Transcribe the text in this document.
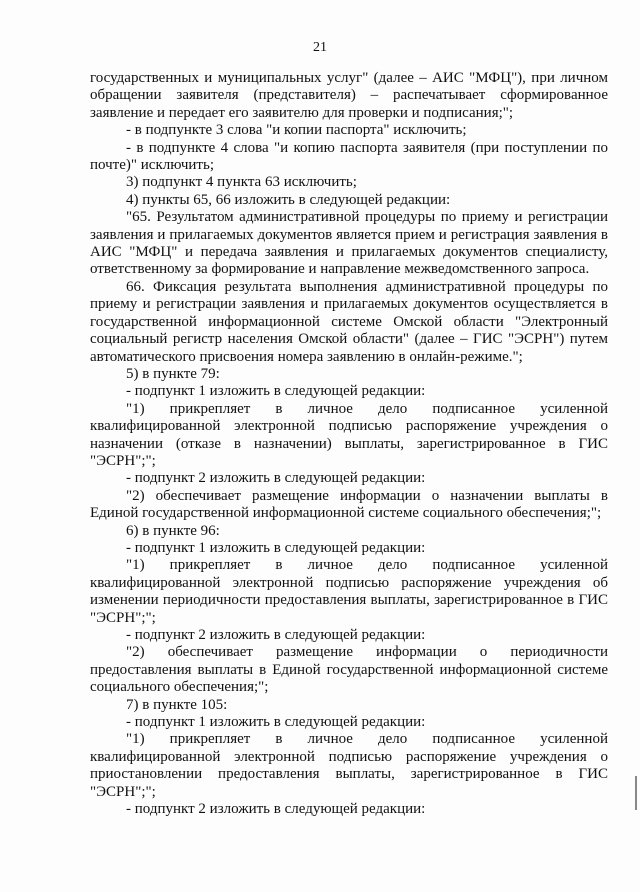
21

государственных и муниципальных услуг" (далее – АИС "МФЦ"), при личном обращении заявителя (представителя) – распечатывает сформированное заявление и передает его заявителю для проверки и подписания;";

- в подпункте 3 слова "и копии паспорта" исключить;

- в подпункте 4 слова "и копию паспорта заявителя (при поступлении по почте)" исключить;

3) подпункт 4 пункта 63 исключить;

4) пункты 65, 66 изложить в следующей редакции:

"65. Результатом административной процедуры по приему и регистрации заявления и прилагаемых документов является прием и регистрация заявления в АИС "МФЦ" и передача заявления и прилагаемых документов специалисту, ответственному за формирование и направление межведомственного запроса.

66. Фиксация результата выполнения административной процедуры по приему и регистрации заявления и прилагаемых документов осуществляется в государственной информационной системе Омской области "Электронный социальный регистр населения Омской области" (далее – ГИС "ЭСРН") путем автоматического присвоения номера заявлению в онлайн-режиме.";

5) в пункте 79:

- подпункт 1 изложить в следующей редакции:

"1) прикрепляет в личное дело подписанное усиленной квалифицированной электронной подписью распоряжение учреждения о назначении (отказе в назначении) выплаты, зарегистрированное в ГИС "ЭСРН";";

- подпункт 2 изложить в следующей редакции:

"2) обеспечивает размещение информации о назначении выплаты в Единой государственной информационной системе социального обеспечения;";

6) в пункте 96:

- подпункт 1 изложить в следующей редакции:

"1) прикрепляет в личное дело подписанное усиленной квалифицированной электронной подписью распоряжение учреждения об изменении периодичности предоставления выплаты, зарегистрированное в ГИС "ЭСРН";";

- подпункт 2 изложить в следующей редакции:

"2) обеспечивает размещение информации о периодичности предоставления выплаты в Единой государственной информационной системе социального обеспечения;";

7) в пункте 105:

- подпункт 1 изложить в следующей редакции:

"1) прикрепляет в личное дело подписанное усиленной квалифицированной электронной подписью распоряжение учреждения о приостановлении предоставления выплаты, зарегистрированное в ГИС "ЭСРН";";

- подпункт 2 изложить в следующей редакции:
